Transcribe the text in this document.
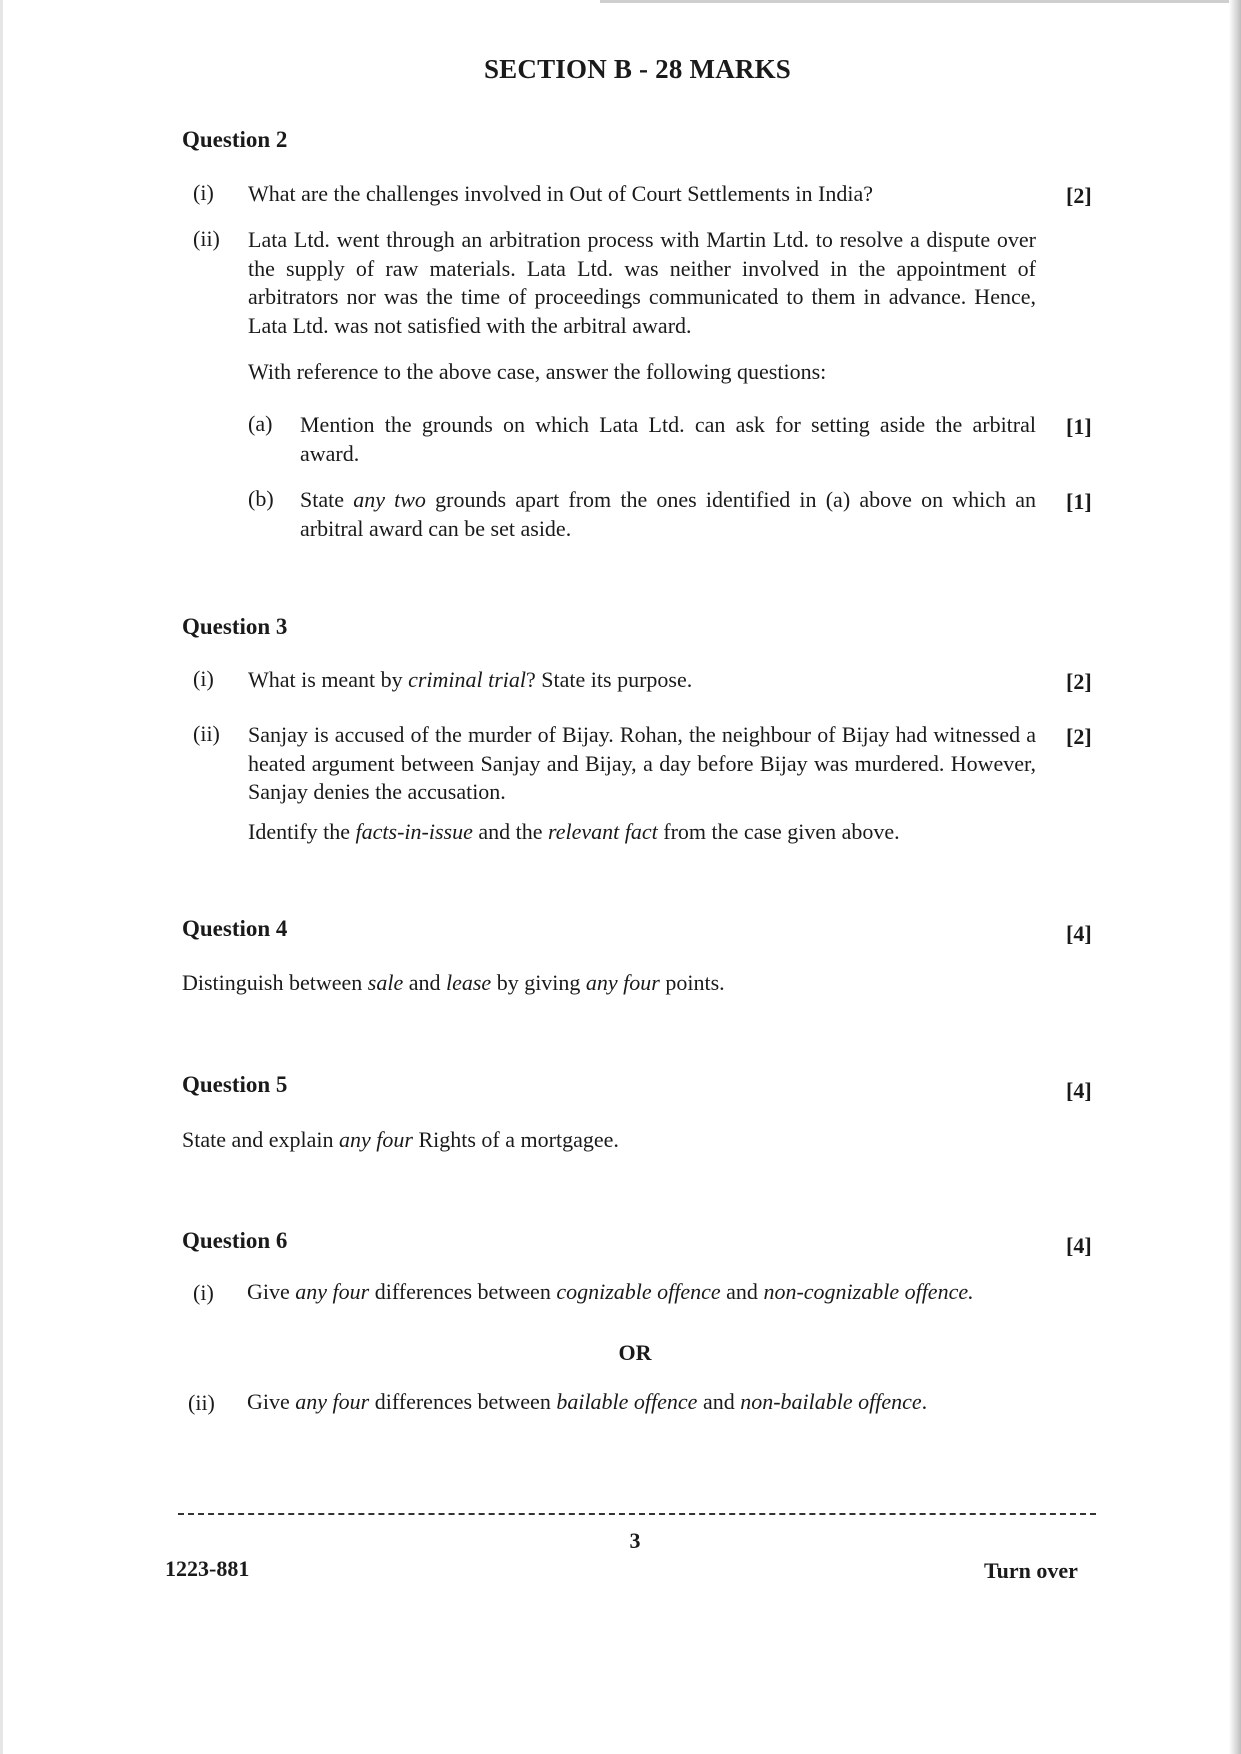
SECTION B - 28 MARKS
Question 2
(i) What are the challenges involved in Out of Court Settlements in India?	[2]
(ii) Lata Ltd. went through an arbitration process with Martin Ltd. to resolve a dispute over the supply of raw materials. Lata Ltd. was neither involved in the appointment of arbitrators nor was the time of proceedings communicated to them in advance. Hence, Lata Ltd. was not satisfied with the arbitral award.
With reference to the above case, answer the following questions:
(a) Mention the grounds on which Lata Ltd. can ask for setting aside the arbitral award.
[1]
(b) State any two grounds apart from the ones identified in (a) above on which an arbitral award can be set aside.
[1]
Question 3
(i) What is meant by criminal trial? State its purpose.	[2]
(ii) Sanjay is accused of the murder of Bijay. Rohan, the neighbour of Bijay had witnessed a heated argument between Sanjay and Bijay, a day before Bijay was murdered. However, Sanjay denies the accusation.
[2]
Identify the facts-in-issue and the relevant fact from the case given above.
Question 4	[4]
Distinguish between sale and lease by giving any four points.
Question 5	[4]
State and explain any four Rights of a mortgagee.
Question 6	[4]
(i) Give any four differences between cognizable offence and non-cognizable offence.
OR
(ii) Give any four differences between bailable offence and non-bailable offence.
3
1223-881	Turn over
